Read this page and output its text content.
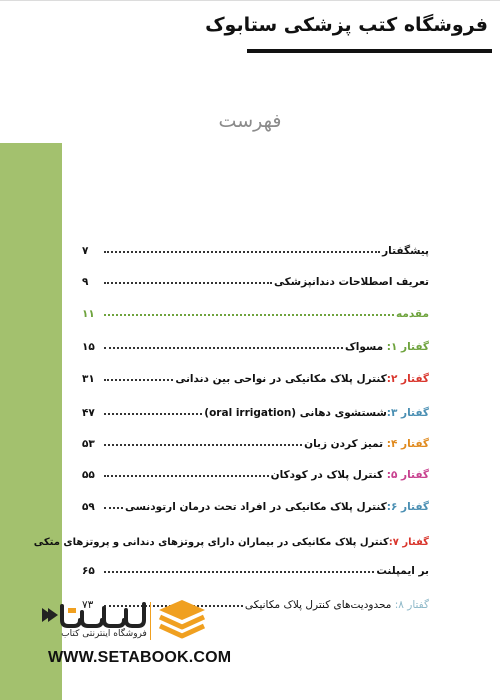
فروشگاه کتب پزشکی ستابوک
فهرست
پیشگفتار
۷
تعریف اصطلاحات دندانپزشکی
۹
مقدمه
۱۱
گفتار ۱: مسواک
۱۵
گفتار ۲:کنترل پلاک مکانیکی در نواحی بین دندانی
۳۱
گفتار ۳:شستشوی دهانی (oral irrigation)
۴۷
گفتار ۴: تمیز کردن زبان
۵۳
گفتار ۵: کنترل پلاک در کودکان
۵۵
گفتار ۶:کنترل پلاک مکانیکی در افراد تحت درمان ارتودنسی
۵۹
گفتار ۷:کنترل پلاک مکانیکی در بیماران دارای پروتزهای دندانی و پروتزهای متکی
بر ایمپلنت
۶۵
گفتار ۸: محدودیت‌های کنترل پلاک مکانیکی
۷۳
فروشگاه اینترنتی کتاب
WWW.SETABOOK.COM
